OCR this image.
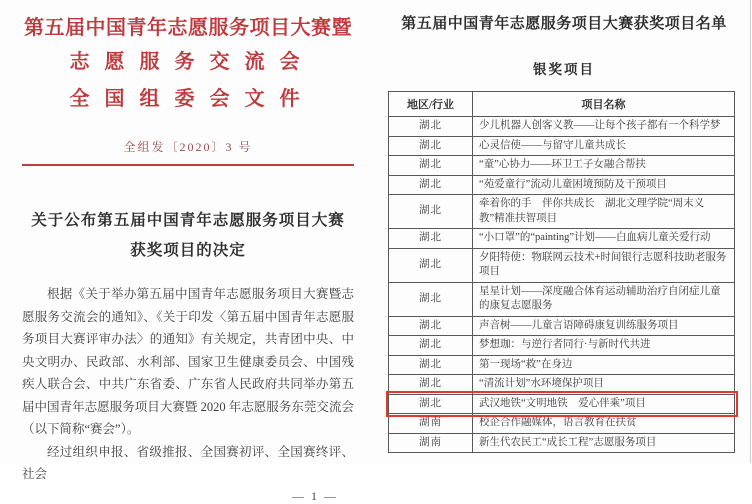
第五届中国青年志愿服务项目大赛暨
志愿服务交流会
全国组委会文件
全组发〔2020〕3 号
关于公布第五届中国青年志愿服务项目大赛
获奖项目的决定

根据《关于举办第五届中国青年志愿服务项目大赛暨志愿服务交流会的通知》、《关于印发〈第五届中国青年志愿服务项目大赛评审办法〉的通知》有关规定，共青团中央、中央文明办、民政部、水利部、国家卫生健康委员会、中国残疾人联合会、中共广东省委、广东省人民政府共同举办第五届中国青年志愿服务项目大赛暨 2020 年志愿服务东莞交流会（以下简称“赛会”）。

经过组织申报、省级推报、全国赛初评、全国赛终评、社会

— 1 —
第五届中国青年志愿服务项目大赛获奖项目名单
银奖项目
地区/行业	项目名称
湖北	少儿机器人创客义教——让每个孩子都有一个科学梦
湖北	心灵信使——与留守儿童共成长
湖北	“童”心协力——环卫工子女融合帮扶
湖北	“苑爱童行”流动儿童困境预防及干预项目
湖北	牵着你的手　伴你共成长　湖北文理学院“周末义教”精准扶智项目
湖北	“小口罩”的“painting”计划——白血病儿童关爱行动
湖北	夕阳特使：物联网云技术+时间银行志愿科技助老服务项目
湖北	星星计划——深度融合体育运动辅助治疗自闭症儿童的康复志愿服务
湖北	声音树——儿童言语障碍康复训练服务项目
湖北	梦想珈：与逆行者同行·与新时代共进
湖北	第一现场“救”在身边
湖北	“清流计划”水环境保护项目
湖北	武汉地铁“文明地铁　爱心伴乘”项目
湖南	校企合作融媒体，语言教育在扶贫
湖南	新生代农民工“成长工程”志愿服务项目
